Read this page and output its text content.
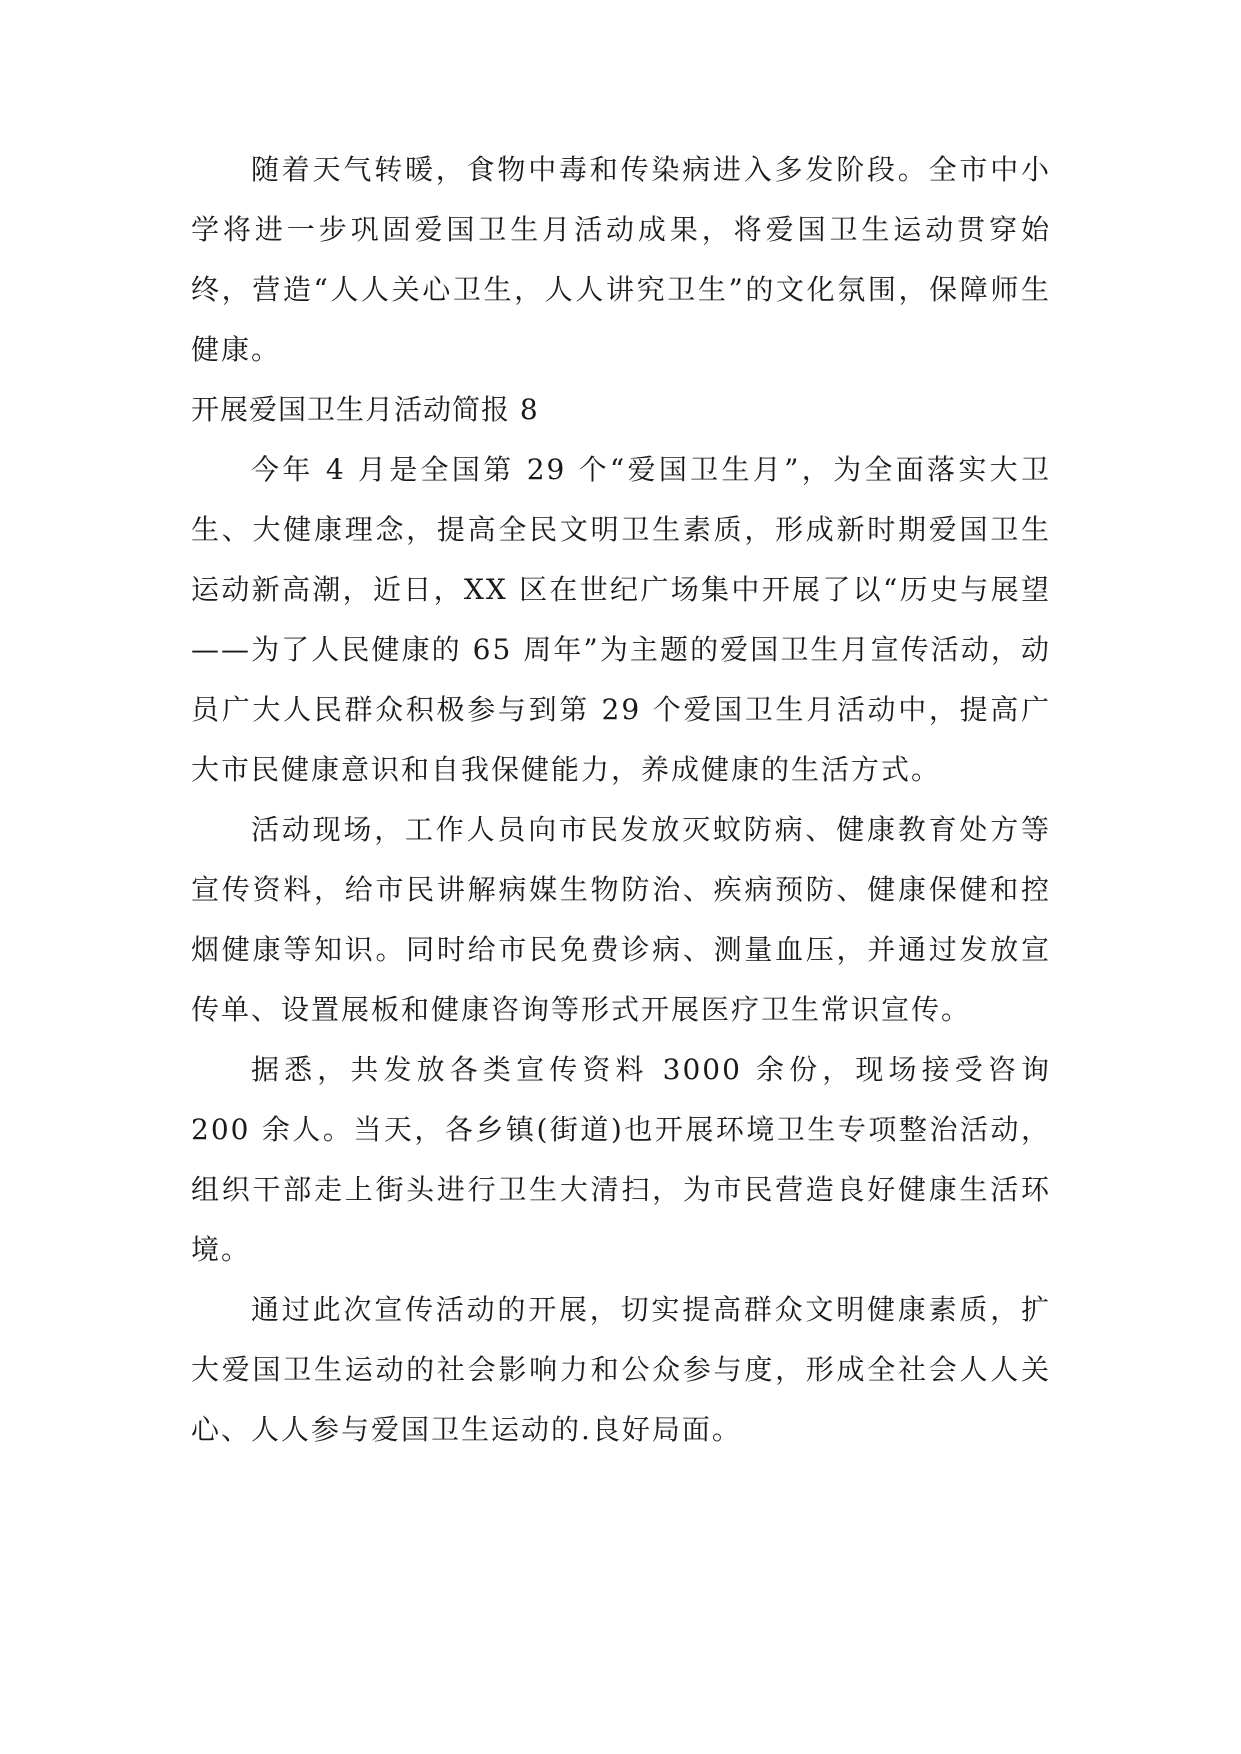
随着天气转暖，食物中毒和传染病进入多发阶段。全市中小学将进一步巩固爱国卫生月活动成果，将爱国卫生运动贯穿始终，营造“人人关心卫生，人人讲究卫生”的文化氛围，保障师生健康。

开展爱国卫生月活动简报 8

今年 4 月是全国第 29 个“爱国卫生月”，为全面落实大卫生、大健康理念，提高全民文明卫生素质，形成新时期爱国卫生运动新高潮，近日，XX 区在世纪广场集中开展了以“历史与展望——为了人民健康的 65 周年”为主题的爱国卫生月宣传活动，动员广大人民群众积极参与到第 29 个爱国卫生月活动中，提高广大市民健康意识和自我保健能力，养成健康的生活方式。

活动现场，工作人员向市民发放灭蚊防病、健康教育处方等宣传资料，给市民讲解病媒生物防治、疾病预防、健康保健和控烟健康等知识。同时给市民免费诊病、测量血压，并通过发放宣传单、设置展板和健康咨询等形式开展医疗卫生常识宣传。

据悉，共发放各类宣传资料 3000 余份，现场接受咨询 200 余人。当天，各乡镇(街道)也开展环境卫生专项整治活动，组织干部走上街头进行卫生大清扫，为市民营造良好健康生活环境。

通过此次宣传活动的开展，切实提高群众文明健康素质，扩大爱国卫生运动的社会影响力和公众参与度，形成全社会人人关心、人人参与爱国卫生运动的.良好局面。
